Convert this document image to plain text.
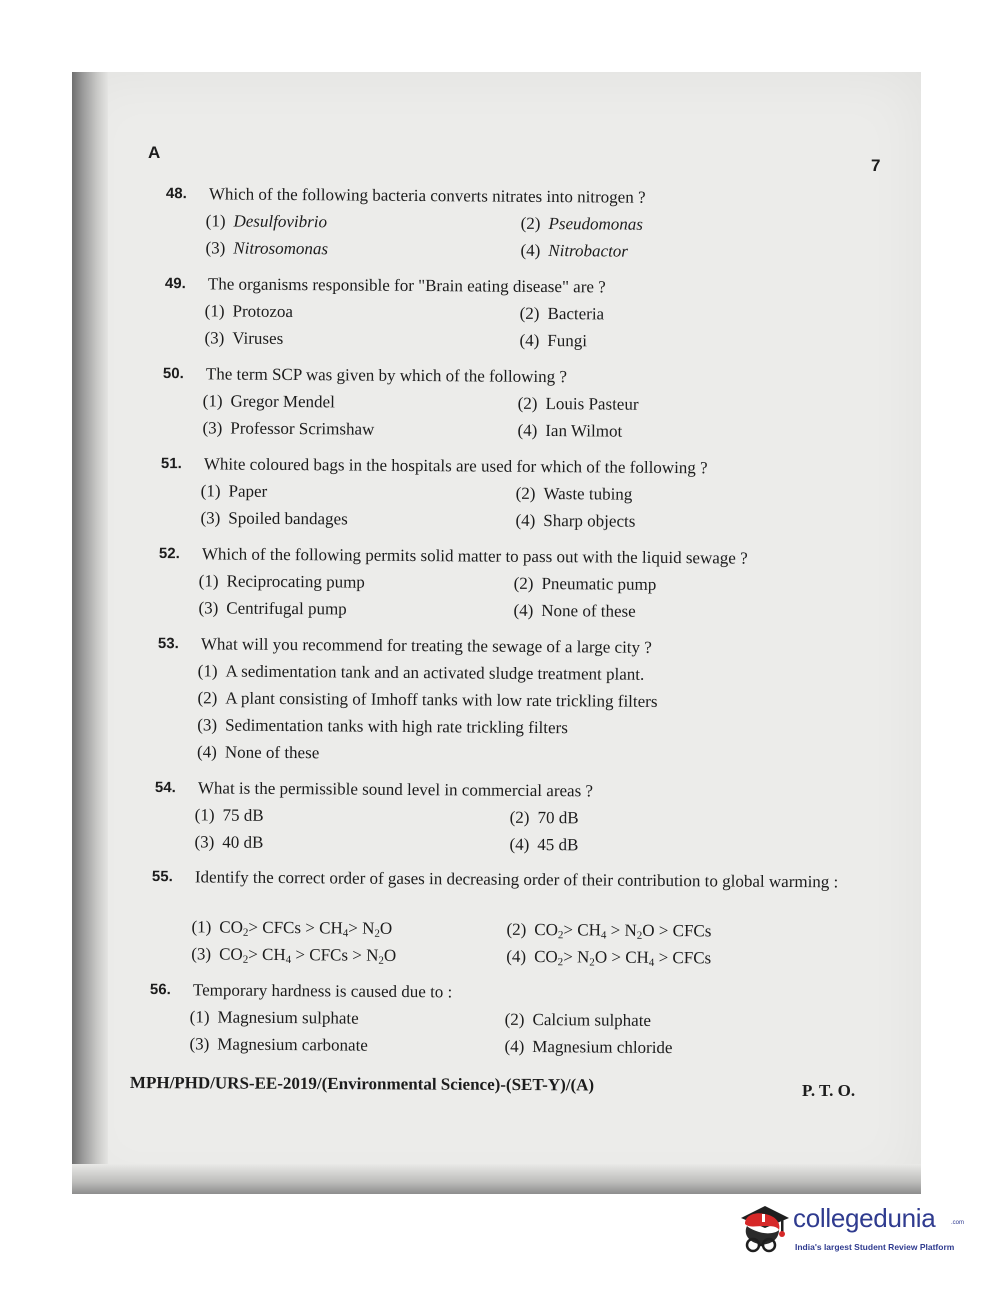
A
7
48.	Which of the following bacteria converts nitrates into nitrogen ?
(1) Desulfovibrio	(2) Pseudomonas
(3) Nitrosomonas	(4) Nitrobactor
49.	The organisms responsible for "Brain eating disease" are ?
(1) Protozoa	(2) Bacteria
(3) Viruses	(4) Fungi
50.	The term SCP was given by which of the following ?
(1) Gregor Mendel	(2) Louis Pasteur
(3) Professor Scrimshaw	(4) Ian Wilmot
51.	White coloured bags in the hospitals are used for which of the following ?
(1) Paper	(2) Waste tubing
(3) Spoiled bandages	(4) Sharp objects
52.	Which of the following permits solid matter to pass out with the liquid sewage ?
(1) Reciprocating pump	(2) Pneumatic pump
(3) Centrifugal pump	(4) None of these
53.	What will you recommend for treating the sewage of a large city ?
(1) A sedimentation tank and an activated sludge treatment plant.
(2) A plant consisting of Imhoff tanks with low rate trickling filters
(3) Sedimentation tanks with high rate trickling filters
(4) None of these
54.	What is the permissible sound level in commercial areas ?
(1) 75 dB	(2) 70 dB
(3) 40 dB	(4) 45 dB
55.	Identify the correct order of gases in decreasing order of their contribution to global warming :
(1) $CO_2>$ CFCs > $CH_4> N_2O$	(2) $CO_2> CH_4 > N_2O$ > CFCs
(3) $CO_2> CH_4$ > CFCs > $N_2O$	(4) $CO_2> N_2O > CH_4$ > CFCs
56.	Temporary hardness is caused due to :
(1) Magnesium sulphate	(2) Calcium sulphate
(3) Magnesium carbonate	(4) Magnesium chloride
MPH/PHD/URS-EE-2019/(Environmental Science)-(SET-Y)/(A)	P. T. O.
collegedunia	.com
India's largest Student Review Platform
